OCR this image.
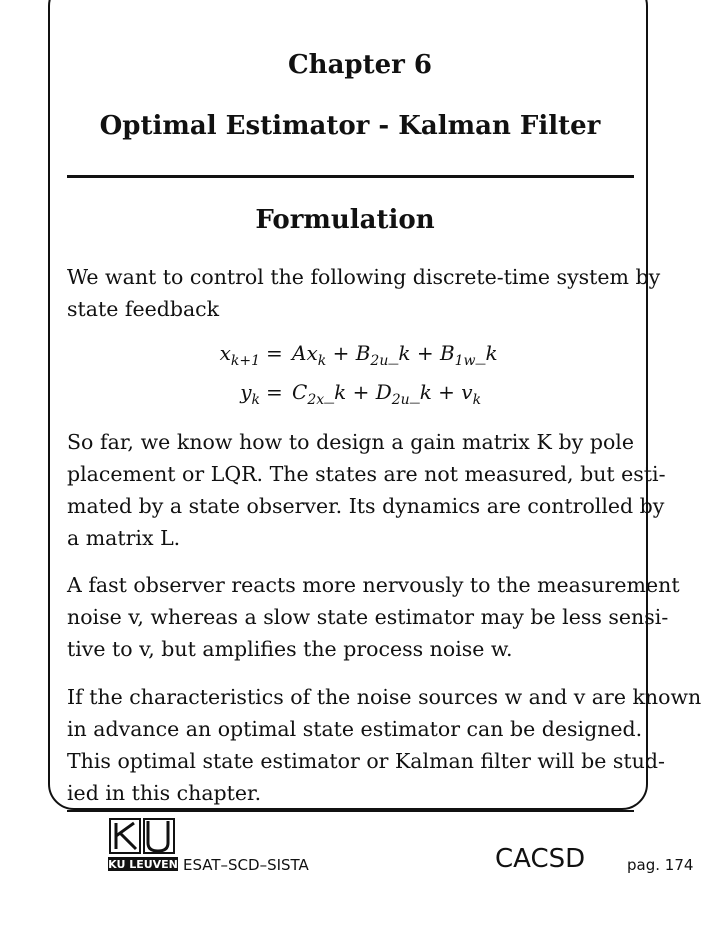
Chapter 6
Optimal Estimator - Kalman Filter
Formulation
We want to control the following discrete-time system by
state feedback
$x_{k+1} = Ax_k$ + $B_{2u}\_k$ + $B_{1w}\_k$
$y_k$ = $C_{2x}\_k$ + $D_{2u}\_k + v_k$
So far, we know how to design a gain matrix K by pole
placement or LQR. The states are not measured, but esti-
mated by a state observer. Its dynamics are controlled by
a matrix L.
A fast observer reacts more nervously to the measurement
noise v, whereas a slow state estimator may be less sensi-
tive to v, but amplifies the process noise w.
If the characteristics of the noise sources w and v are known
in advance an optimal state estimator can be designed.
This optimal state estimator or Kalman filter will be stud-
ied in this chapter.
KU LEUVEN ESAT–SCD–SISTA	CACSD	pag. 174
